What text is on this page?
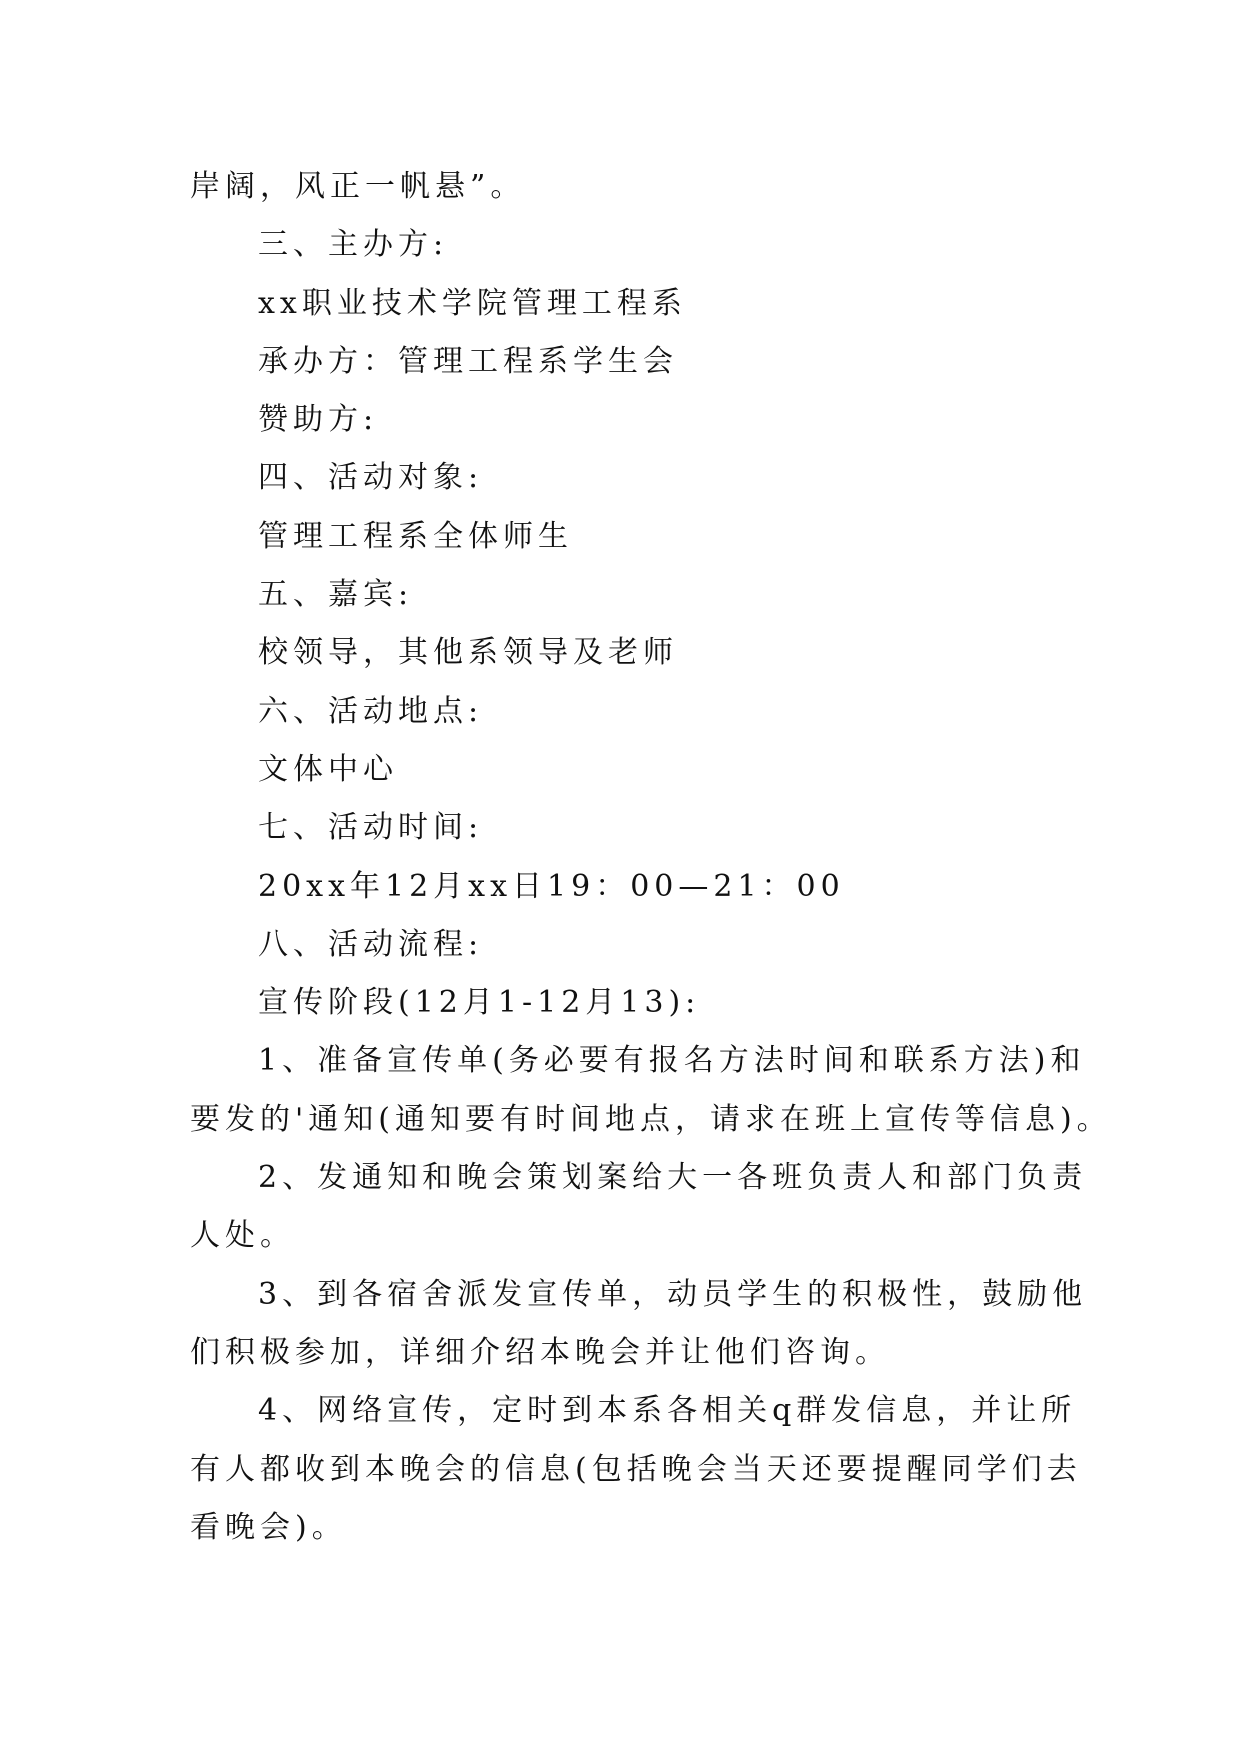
岸阔，风正一帆悬”。
三、主办方:
xx职业技术学院管理工程系
承办方：管理工程系学生会
赞助方:
四、活动对象:
管理工程系全体师生
五、嘉宾:
校领导，其他系领导及老师
六、活动地点:
文体中心
七、活动时间:
20xx年12月xx日19：00—21：00
八、活动流程:
宣传阶段(12月1-12月13):
1、准备宣传单(务必要有报名方法时间和联系方法)和
要发的'通知(通知要有时间地点，请求在班上宣传等信息)。
2、发通知和晚会策划案给大一各班负责人和部门负责
人处。
3、到各宿舍派发宣传单，动员学生的积极性，鼓励他
们积极参加，详细介绍本晚会并让他们咨询。
4、网络宣传，定时到本系各相关q群发信息，并让所
有人都收到本晚会的信息(包括晚会当天还要提醒同学们去
看晚会)。
